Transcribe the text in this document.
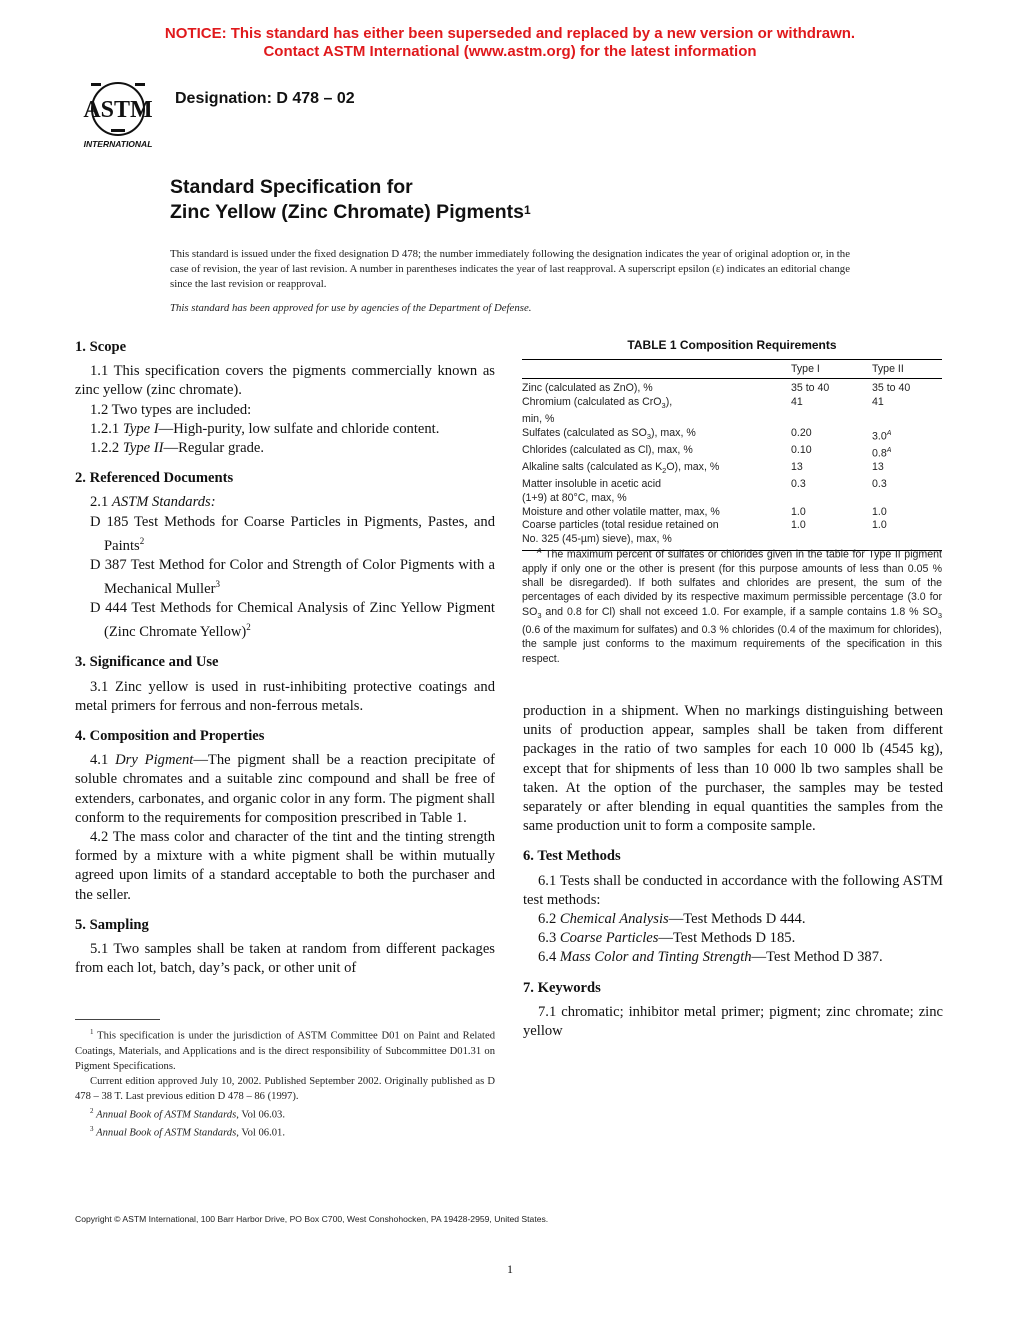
NOTICE: This standard has either been superseded and replaced by a new version or withdrawn.
Contact ASTM International (www.astm.org) for the latest information
ASTM
INTERNATIONAL
Designation: D 478 – 02
Standard Specification for
Zinc Yellow (Zinc Chromate) Pigments$^1$
This standard is issued under the fixed designation D 478; the number immediately following the designation indicates the year of original adoption or, in the case of revision, the year of last revision. A number in parentheses indicates the year of last reapproval. A superscript epsilon (ε) indicates an editorial change since the last revision or reapproval.
This standard has been approved for use by agencies of the Department of Defense.
1. Scope

1.1 This specification covers the pigments commercially known as zinc yellow (zinc chromate).

1.2 Two types are included:

1.2.1 Type I—High-purity, low sulfate and chloride content.

1.2.2 Type II—Regular grade.

2. Referenced Documents

2.1 ASTM Standards:

D 185 Test Methods for Coarse Particles in Pigments, Pastes, and Paints$^2$

D 387 Test Method for Color and Strength of Color Pigments with a Mechanical Muller$^3$

D 444 Test Methods for Chemical Analysis of Zinc Yellow Pigment (Zinc Chromate Yellow)$^2$

3. Significance and Use

3.1 Zinc yellow is used in rust-inhibiting protective coatings and metal primers for ferrous and non-ferrous metals.

4. Composition and Properties

4.1 Dry Pigment—The pigment shall be a reaction precipitate of soluble chromates and a suitable zinc compound and shall be free of extenders, carbonates, and organic color in any form. The pigment shall conform to the requirements for composition prescribed in Table 1.

4.2 The mass color and character of the tint and the tinting strength formed by a mixture with a white pigment shall be within mutually agreed upon limits of a standard acceptable to both the purchaser and the seller.

5. Sampling

5.1 Two samples shall be taken at random from different packages from each lot, batch, day’s pack, or other unit of

TABLE 1 Composition Requirements
	Type I	Type II
Zinc (calculated as ZnO), %	35 to 40	35 to 40
Chromium (calculated as CrO$_3$),
min, %	41	41
Sulfates (calculated as $SO_3$), max, %	0.20	$3.0^A$
Chlorides (calculated as Cl), max, %	0.10	$0.8^A$
Alkaline salts (calculated as $K_2O$), max, %	13	13
Matter insoluble in acetic acid
(1+9) at 80°C, max, %	0.3	0.3
Moisture and other volatile matter, max, %	1.0	1.0
Coarse particles (total residue retained on
No. 325 (45-µm) sieve), max, %	1.0	1.0
$^A$ The maximum percent of sulfates or chlorides given in the table for Type II pigment apply if only one or the other is present (for this purpose amounts of less than 0.05 % shall be disregarded). If both sulfates and chlorides are present, the sum of the percentages of each divided by its respective maximum permissible percentage (3.0 for $SO_3$ and 0.8 for Cl) shall not exceed 1.0. For example, if a sample contains 1.8 % $SO_3$ (0.6 of the maximum for sulfates) and 0.3 % chlorides (0.4 of the maximum for chlorides), the sample just conforms to the maximum requirements of the specification in this respect.

production in a shipment. When no markings distinguishing between units of production appear, samples shall be taken from different packages in the ratio of two samples for each 10 000 lb (4545 kg), except that for shipments of less than 10 000 lb two samples shall be taken. At the option of the purchaser, the samples may be tested separately or after blending in equal quantities the samples from the same production unit to form a composite sample.

6. Test Methods

6.1 Tests shall be conducted in accordance with the following ASTM test methods:

6.2 Chemical Analysis—Test Methods D 444.

6.3 Coarse Particles—Test Methods D 185.

6.4 Mass Color and Tinting Strength—Test Method D 387.

7. Keywords

7.1 chromatic; inhibitor metal primer; pigment; zinc chromate; zinc yellow

$^1$ This specification is under the jurisdiction of ASTM Committee D01 on Paint and Related Coatings, Materials, and Applications and is the direct responsibility of Subcommittee D01.31 on Pigment Specifications.

Current edition approved July 10, 2002. Published September 2002. Originally published as D 478 – 38 T. Last previous edition D 478 – 86 (1997).

$^2$ Annual Book of ASTM Standards, Vol 06.03.

$^3$ Annual Book of ASTM Standards, Vol 06.01.

Copyright © ASTM International, 100 Barr Harbor Drive, PO Box C700, West Conshohocken, PA 19428-2959, United States.
1
